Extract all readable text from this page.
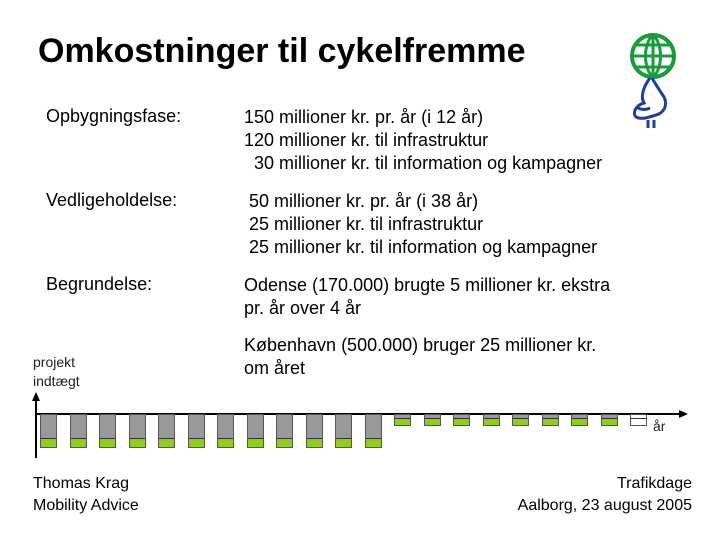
Omkostninger til cykelfremme
Opbygningsfase:	150 millioner kr. pr. år (i 12 år)
120 millioner kr. til infrastruktur
30 millioner kr. til information og kampagner
Vedligeholdelse:	50 millioner kr. pr. år (i 38 år)
25 millioner kr. til infrastruktur
25 millioner kr. til information og kampagner
Begrundelse:	Odense (170.000) brugte 5 millioner kr. ekstra
pr. år over 4 år
København (500.000) bruger 25 millioner kr.
om året
projekt
indtægt
år
Thomas Krag
Mobility Advice
Trafikdage
Aalborg, 23 august 2005
